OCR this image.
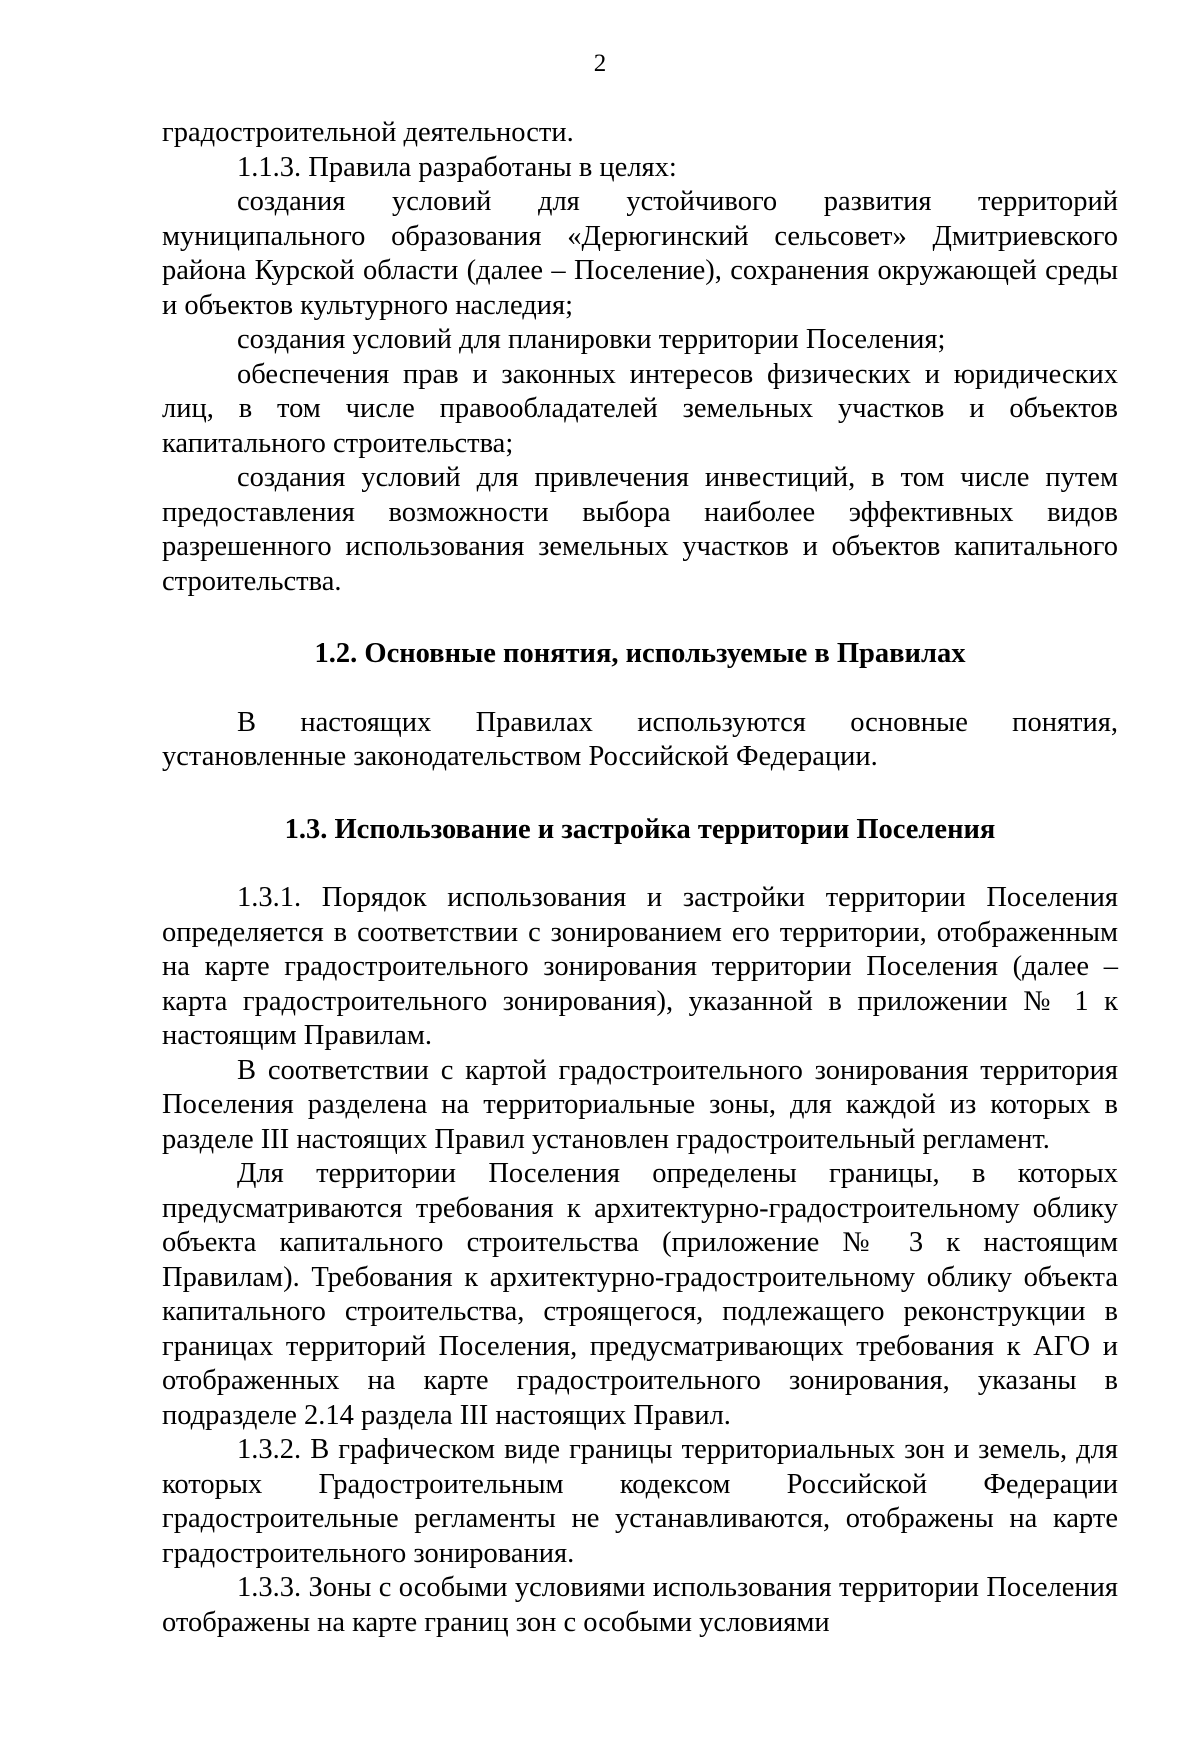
2

градостроительной деятельности.

1.1.3. Правила разработаны в целях:

создания условий для устойчивого развития территорий муниципального образования «Дерюгинский сельсовет» Дмитриевского района Курской области (далее – Поселение), сохранения окружающей среды и объектов культурного наследия;

создания условий для планировки территории Поселения;

обеспечения прав и законных интересов физических и юридических лиц, в том числе правообладателей земельных участков и объектов капитального строительства;

создания условий для привлечения инвестиций, в том числе путем предоставления возможности выбора наиболее эффективных видов разрешенного использования земельных участков и объектов капитального строительства.

1.2. Основные понятия, используемые в Правилах

В настоящих Правилах используются основные понятия, установленные законодательством Российской Федерации.

1.3. Использование и застройка территории Поселения

1.3.1. Порядок использования и застройки территории Поселения определяется в соответствии с зонированием его территории, отображенным на карте градостроительного зонирования территории Поселения (далее – карта градостроительного зонирования), указанной в приложении № 1 к настоящим Правилам.

В соответствии с картой градостроительного зонирования территория Поселения разделена на территориальные зоны, для каждой из которых в разделе III настоящих Правил установлен градостроительный регламент.

Для территории Поселения определены границы, в которых предусматриваются требования к архитектурно-градостроительному облику объекта капитального строительства (приложение № 3 к настоящим Правилам). Требования к архитектурно-градостроительному облику объекта капитального строительства, строящегося, подлежащего реконструкции в границах территорий Поселения, предусматривающих требования к АГО и отображенных на карте градостроительного зонирования, указаны в подразделе 2.14 раздела III настоящих Правил.

1.3.2. В графическом виде границы территориальных зон и земель, для которых Градостроительным кодексом Российской Федерации градостроительные регламенты не устанавливаются, отображены на карте градостроительного зонирования.

1.3.3. Зоны с особыми условиями использования территории Поселения отображены на карте границ зон с особыми условиями
